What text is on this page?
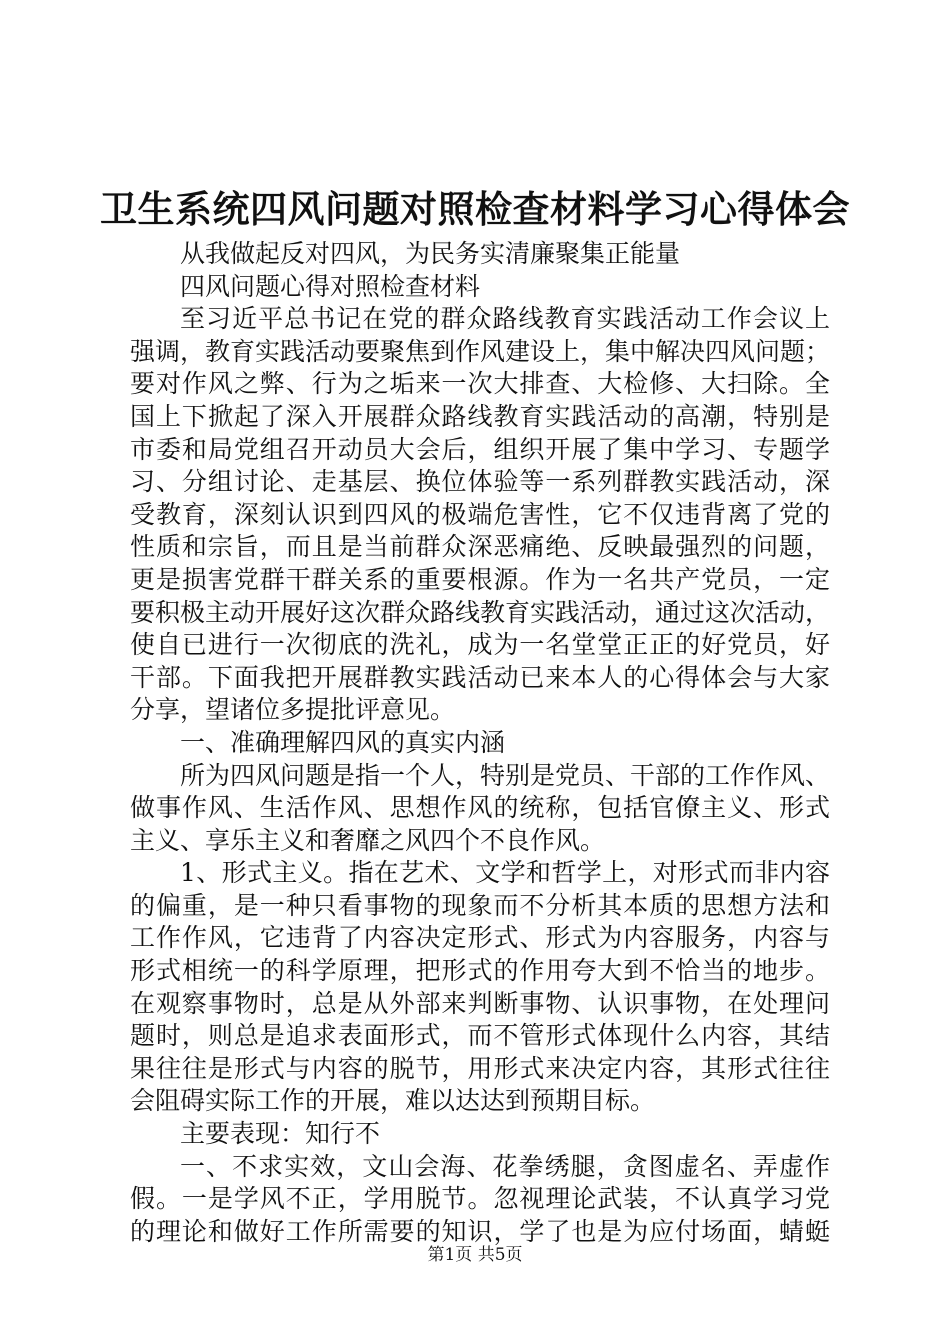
卫生系统四风问题对照检查材料学习心得体会
从我做起反对四风，为民务实清廉聚集正能量
四风问题心得对照检查材料
至习近平总书记在党的群众路线教育实践活动工作会议上
强调，教育实践活动要聚焦到作风建设上，集中解决四风问题；
要对作风之弊、行为之垢来一次大排查、大检修、大扫除。全
国上下掀起了深入开展群众路线教育实践活动的高潮，特别是
市委和局党组召开动员大会后，组织开展了集中学习、专题学
习、分组讨论、走基层、换位体验等一系列群教实践活动，深
受教育，深刻认识到四风的极端危害性，它不仅违背离了党的
性质和宗旨，而且是当前群众深恶痛绝、反映最强烈的问题，
更是损害党群干群关系的重要根源。作为一名共产党员，一定
要积极主动开展好这次群众路线教育实践活动，通过这次活动，
使自已进行一次彻底的洗礼，成为一名堂堂正正的好党员，好
干部。下面我把开展群教实践活动已来本人的心得体会与大家
分享，望诸位多提批评意见。
一、准确理解四风的真实内涵
所为四风问题是指一个人，特别是党员、干部的工作作风、
做事作风、生活作风、思想作风的统称，包括官僚主义、形式
主义、享乐主义和奢靡之风四个不良作风。
1、形式主义。指在艺术、文学和哲学上，对形式而非内容
的偏重，是一种只看事物的现象而不分析其本质的思想方法和
工作作风，它违背了内容决定形式、形式为内容服务，内容与
形式相统一的科学原理，把形式的作用夸大到不恰当的地步。
在观察事物时，总是从外部来判断事物、认识事物，在处理问
题时，则总是追求表面形式，而不管形式体现什么内容，其结
果往往是形式与内容的脱节，用形式来决定内容，其形式往往
会阻碍实际工作的开展，难以达达到预期目标。
主要表现：知行不
一、不求实效，文山会海、花拳绣腿，贪图虚名、弄虚作
假。一是学风不正，学用脱节。忽视理论武装，不认真学习党
的理论和做好工作所需要的知识，学了也是为应付场面，蜻蜓
第1页 共5页
